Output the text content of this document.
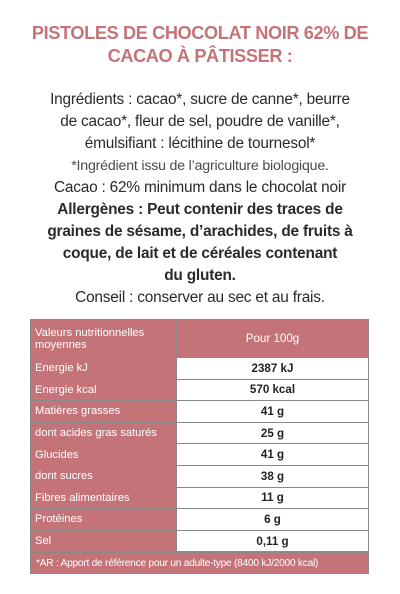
PISTOLES DE CHOCOLAT NOIR 62% DE
CACAO À PÂTISSER :
Ingrédients : cacao*, sucre de canne*, beurre
de cacao*, fleur de sel, poudre de vanille*,
émulsifiant : lécithine de tournesol*
*Ingrédient issu de l’agriculture biologique.
Cacao : 62% minimum dans le chocolat noir
Allergènes : Peut contenir des traces de
graines de sésame, d’arachides, de fruits à
coque, de lait et de céréales contenant
du gluten.
Conseil : conserver au sec et au frais.
Valeurs nutritionnelles
moyennes	Pour 100g
Energie kJ	2387 kJ
Energie kcal	570 kcal
Matières grasses	41 g
dont acides gras saturés	25 g
Glucides	41 g
dont sucres	38 g
Fibres alimentaires	11 g
Protéines	6 g
Sel	0,11 g
*AR : Apport de référence pour un adulte-type (8400 kJ/2000 kcal)
